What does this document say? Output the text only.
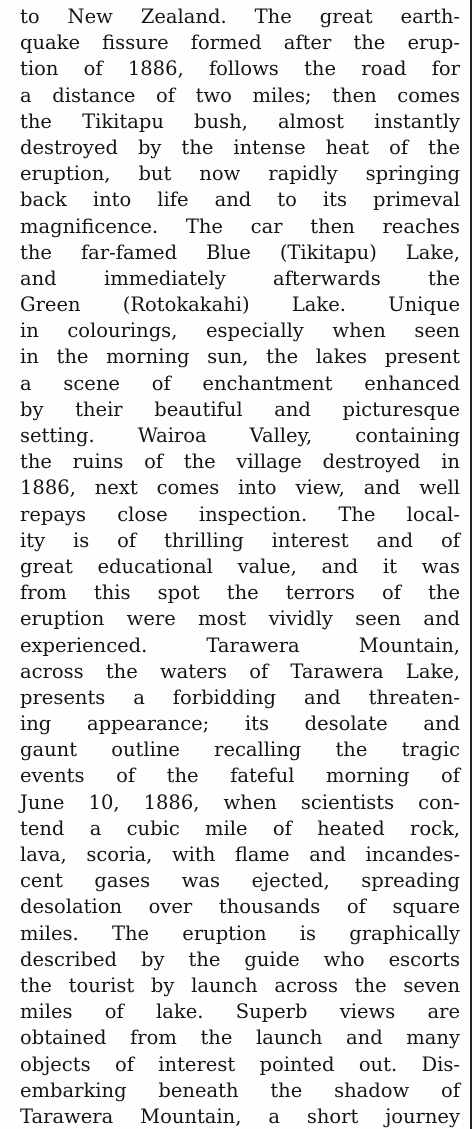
to New Zealand. The great earth-
quake fissure formed after the erup-
tion of 1886, follows the road for
a distance of two miles; then comes
the Tikitapu bush, almost instantly
destroyed by the intense heat of the
eruption, but now rapidly springing
back into life and to its primeval
magnificence. The car then reaches
the far-famed Blue (Tikitapu) Lake,
and immediately afterwards the
Green (Rotokakahi) Lake. Unique
in colourings, especially when seen
in the morning sun, the lakes present
a scene of enchantment enhanced
by their beautiful and picturesque
setting. Wairoa Valley, containing
the ruins of the village destroyed in
1886, next comes into view, and well
repays close inspection. The local-
ity is of thrilling interest and of
great educational value, and it was
from this spot the terrors of the
eruption were most vividly seen and
experienced. Tarawera Mountain,
across the waters of Tarawera Lake,
presents a forbidding and threaten-
ing appearance; its desolate and
gaunt outline recalling the tragic
events of the fateful morning of
June 10, 1886, when scientists con-
tend a cubic mile of heated rock,
lava, scoria, with flame and incandes-
cent gases was ejected, spreading
desolation over thousands of square
miles. The eruption is graphically
described by the guide who escorts
the tourist by launch across the seven
miles of lake. Superb views are
obtained from the launch and many
objects of interest pointed out. Dis-
embarking beneath the shadow of
Tarawera Mountain, a short journey
